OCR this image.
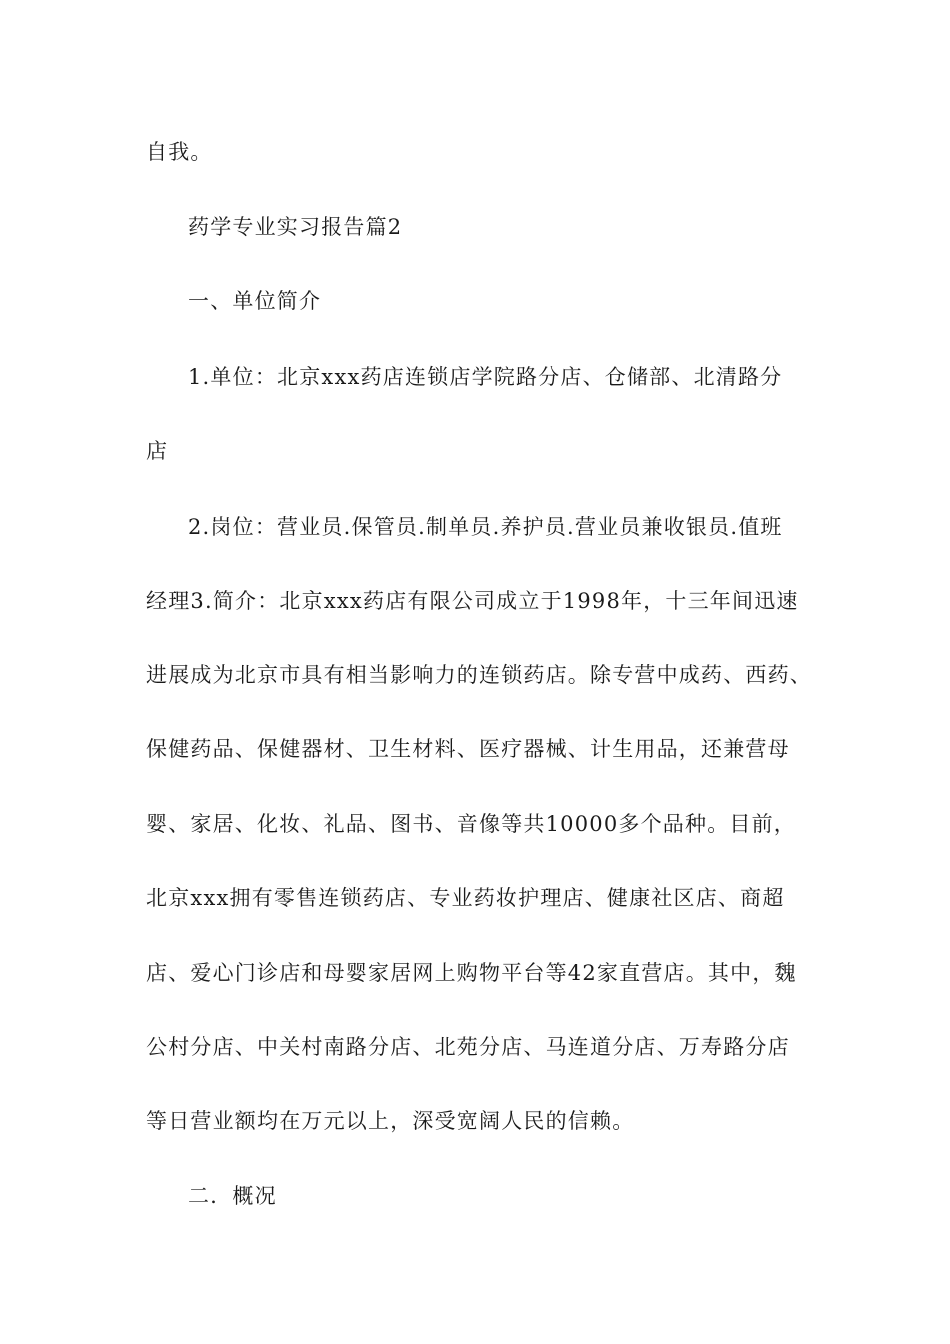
自我。
药学专业实习报告篇2
一、单位简介
1.单位：北京xxx药店连锁店学院路分店、仓储部、北清路分
店
2.岗位：营业员.保管员.制单员.养护员.营业员兼收银员.值班
经理3.简介：北京xxx药店有限公司成立于1998年，十三年间迅速
进展成为北京市具有相当影响力的连锁药店。除专营中成药、西药、
保健药品、保健器材、卫生材料、医疗器械、计生用品，还兼营母
婴、家居、化妆、礼品、图书、音像等共10000多个品种。目前，
北京xxx拥有零售连锁药店、专业药妆护理店、健康社区店、商超
店、爱心门诊店和母婴家居网上购物平台等42家直营店。其中，魏
公村分店、中关村南路分店、北苑分店、马连道分店、万寿路分店
等日营业额均在万元以上，深受宽阔人民的信赖。
二．概况
